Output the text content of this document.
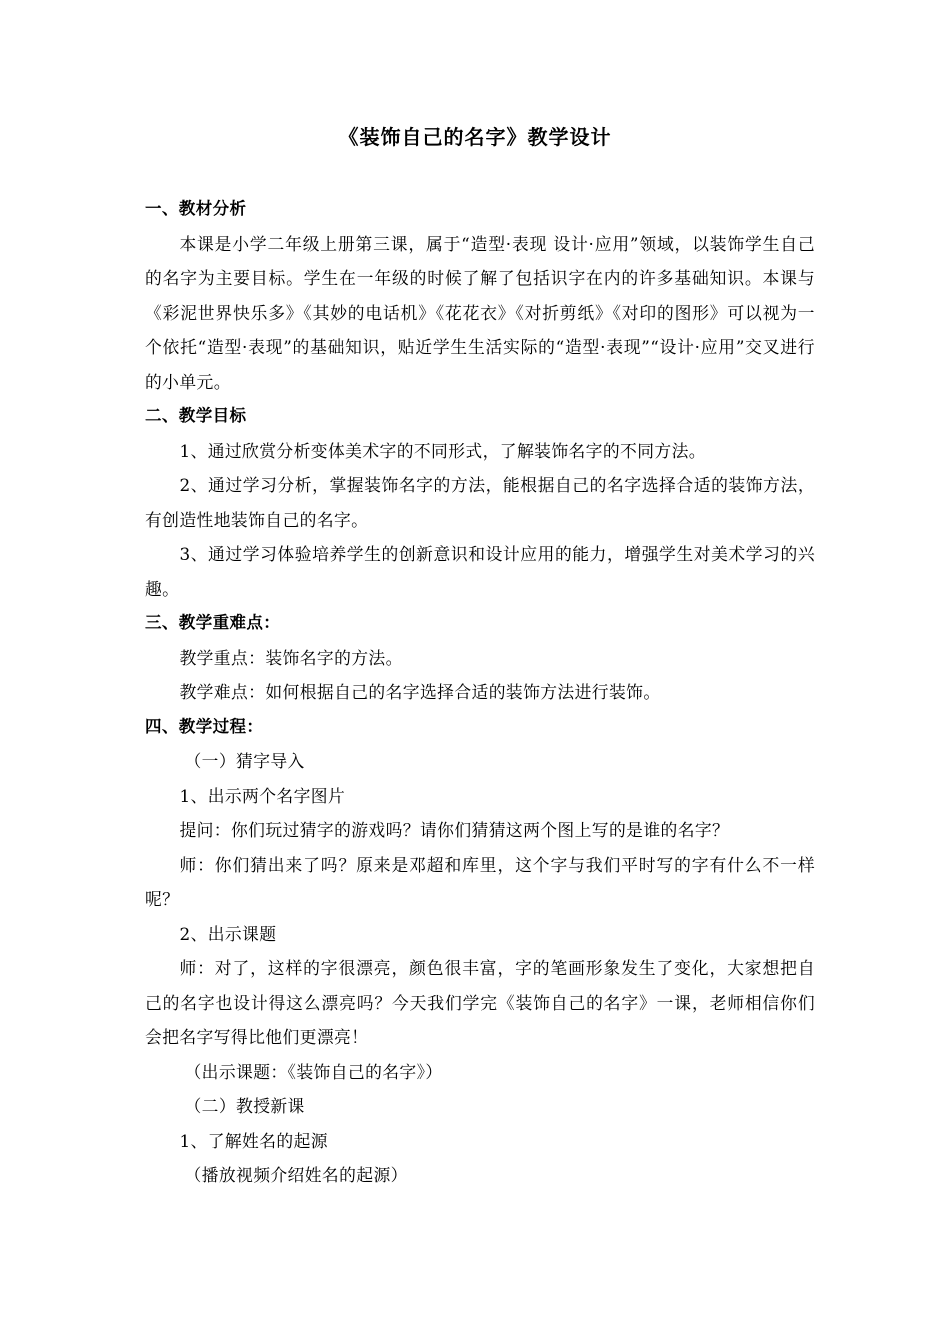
《装饰自己的名字》教学设计

一、教材分析

本课是小学二年级上册第三课，属于“造型·表现 设计·应用”领域，以装饰学生自己的名字为主要目标。学生在一年级的时候了解了包括识字在内的许多基础知识。本课与《彩泥世界快乐多》《其妙的电话机》《花花衣》《对折剪纸》《对印的图形》可以视为一个依托“造型·表现”的基础知识，贴近学生生活实际的“造型·表现”“设计·应用”交叉进行的小单元。

二、教学目标

1、通过欣赏分析变体美术字的不同形式，了解装饰名字的不同方法。

2、通过学习分析，掌握装饰名字的方法，能根据自己的名字选择合适的装饰方法，有创造性地装饰自己的名字。

3、通过学习体验培养学生的创新意识和设计应用的能力，增强学生对美术学习的兴趣。

三、教学重难点：

教学重点：装饰名字的方法。

教学难点：如何根据自己的名字选择合适的装饰方法进行装饰。

四、教学过程：

（一）猜字导入

1、出示两个名字图片

提问：你们玩过猜字的游戏吗？请你们猜猜这两个图上写的是谁的名字？

师：你们猜出来了吗？原来是邓超和库里，这个字与我们平时写的字有什么不一样呢？

2、出示课题

师：对了，这样的字很漂亮，颜色很丰富，字的笔画形象发生了变化，大家想把自己的名字也设计得这么漂亮吗？今天我们学完《装饰自己的名字》一课，老师相信你们会把名字写得比他们更漂亮！

（出示课题：《装饰自己的名字》）

（二）教授新课

1、了解姓名的起源

（播放视频介绍姓名的起源）
